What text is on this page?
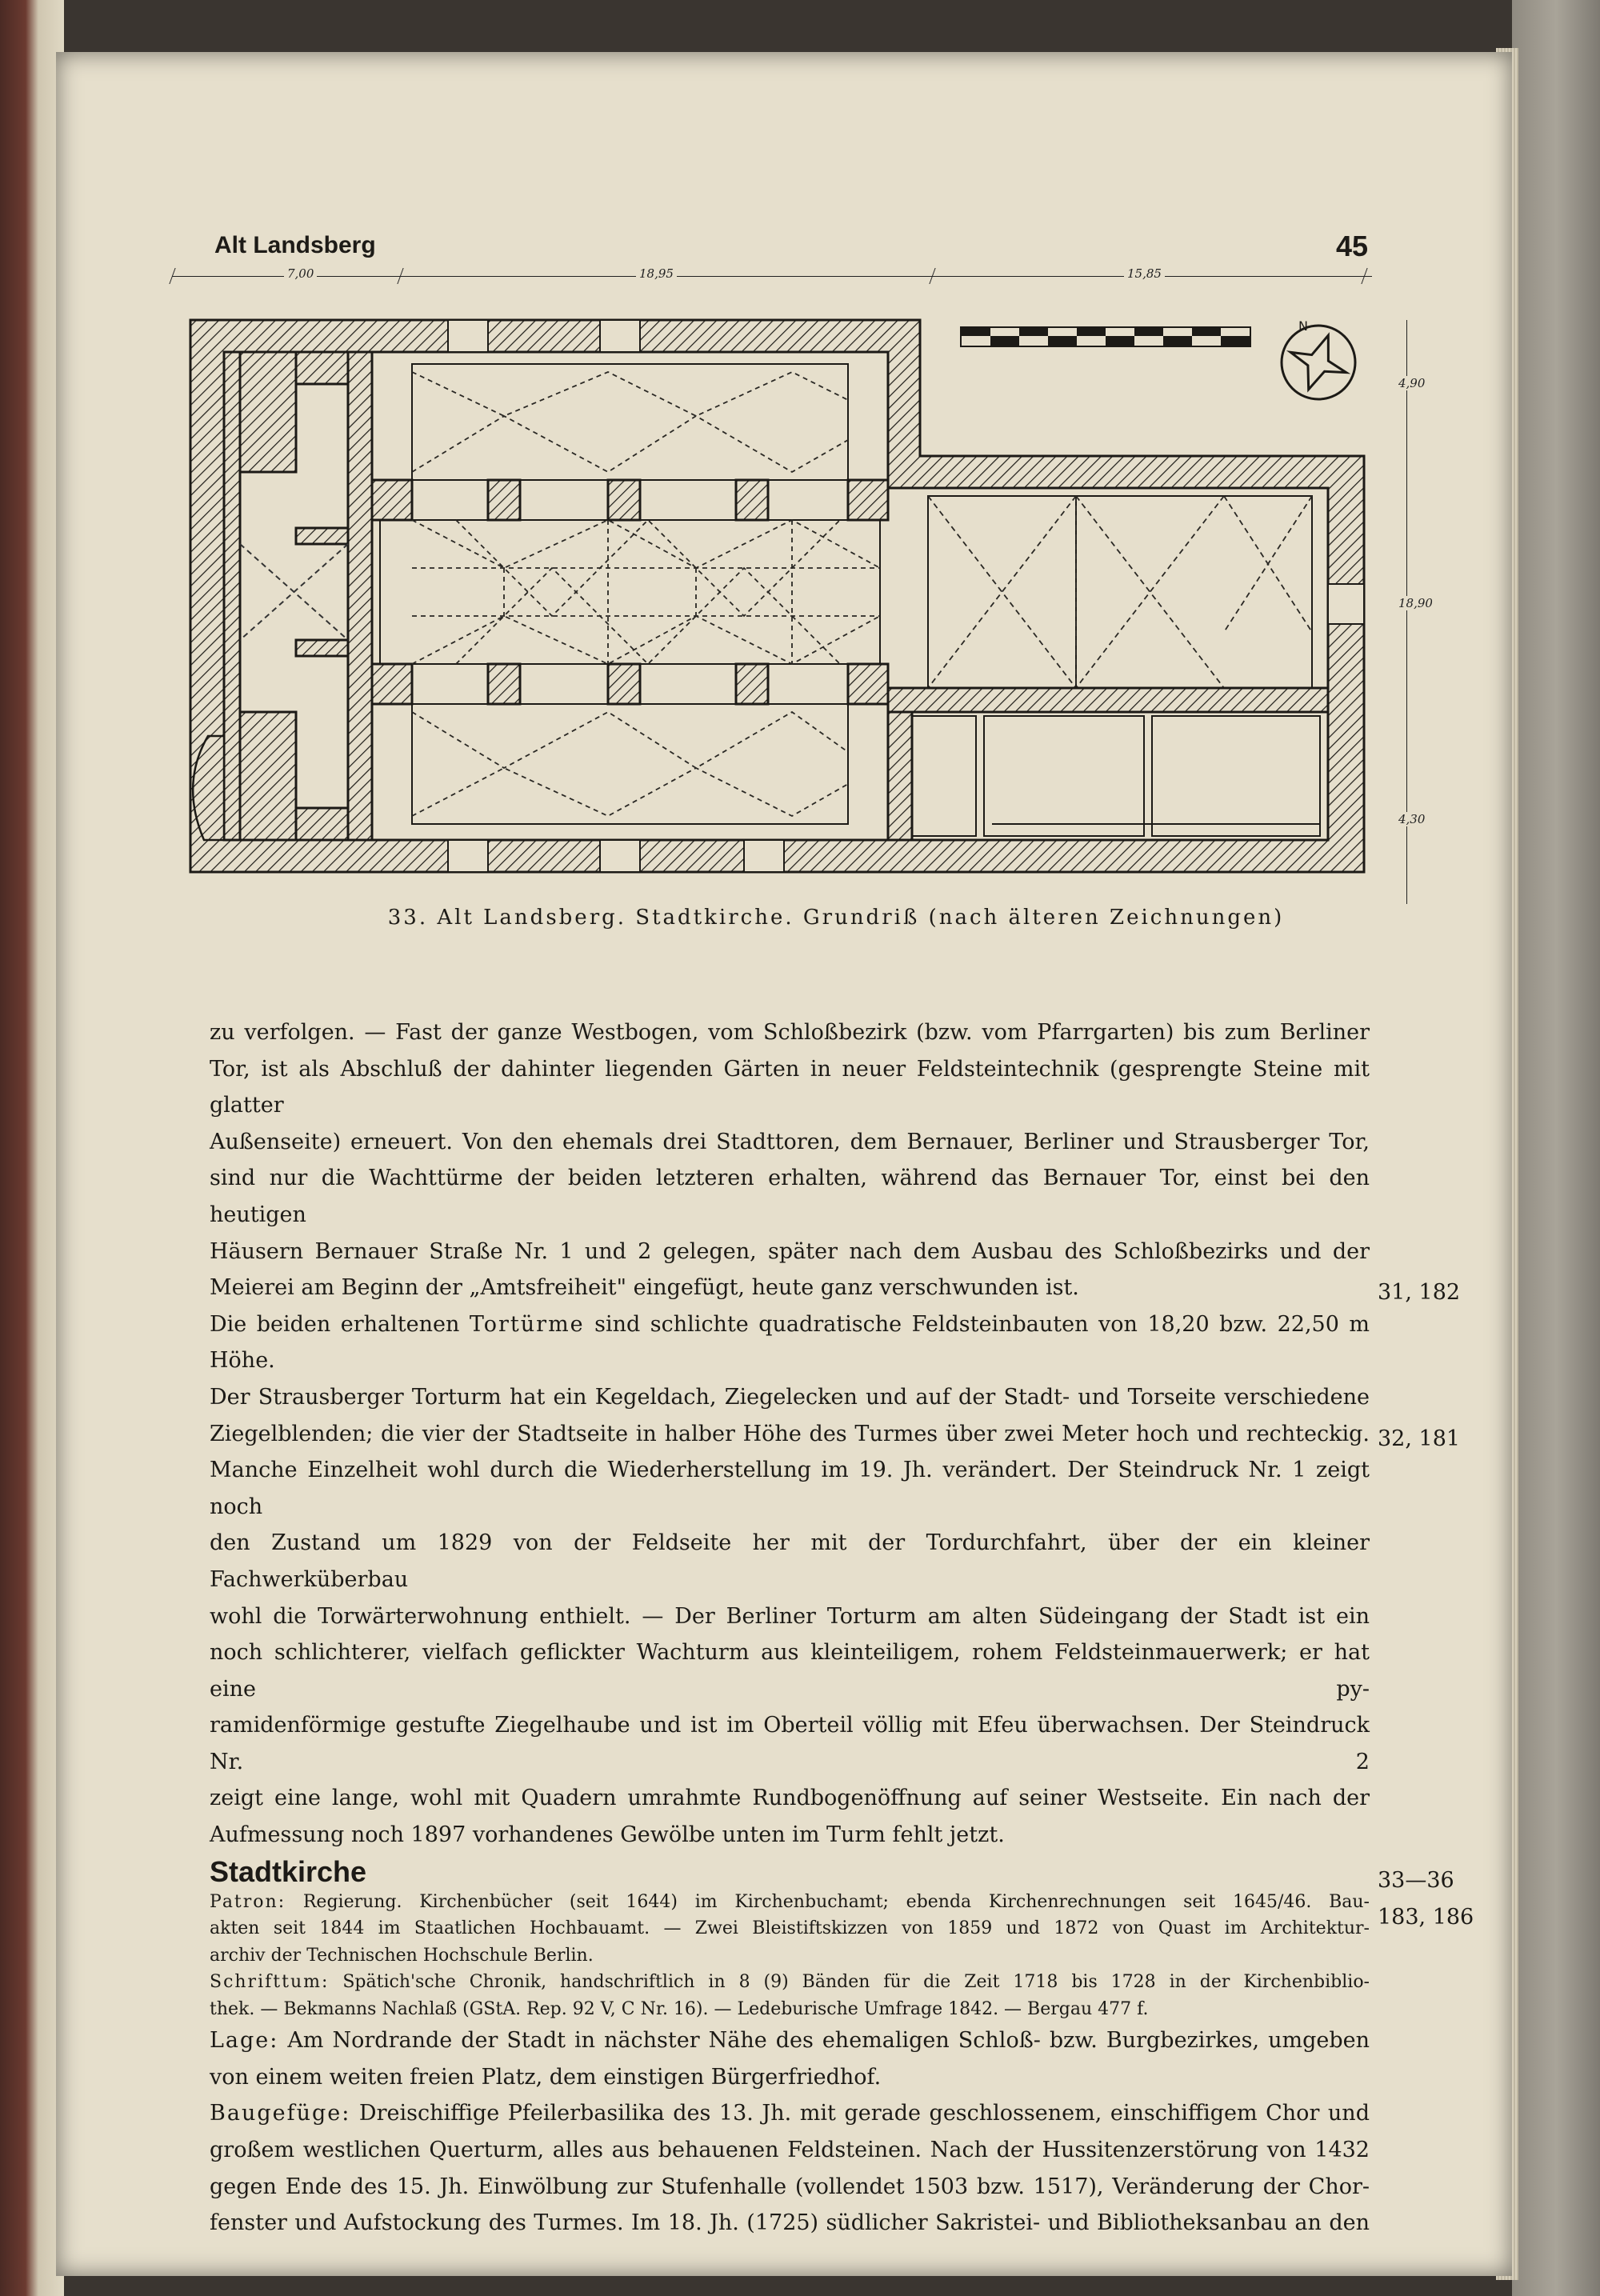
Alt Landsberg	45
7,00	18,95	15,85
4,90
18,90
4,30
N
33. Alt Landsberg. Stadtkirche. Grundriß (nach älteren Zeichnungen)

zu verfolgen. — Fast der ganze Westbogen, vom Schloßbezirk (bzw. vom Pfarrgarten) bis zum Berliner

Tor, ist als Abschluß der dahinter liegenden Gärten in neuer Feldsteintechnik (gesprengte Steine mit glatter

Außenseite) erneuert. Von den ehemals drei Stadttoren, dem Bernauer, Berliner und Strausberger Tor,

sind nur die Wachttürme der beiden letzteren erhalten, während das Bernauer Tor, einst bei den heutigen

Häusern Bernauer Straße Nr. 1 und 2 gelegen, später nach dem Ausbau des Schloßbezirks und der

Meierei am Beginn der „Amtsfreiheit" eingefügt, heute ganz verschwunden ist.

Die beiden erhaltenen Tortürme sind schlichte quadratische Feldsteinbauten von 18,20 bzw. 22,50 m Höhe.

Der Strausberger Torturm hat ein Kegeldach, Ziegelecken und auf der Stadt- und Torseite verschiedene

Ziegelblenden; die vier der Stadtseite in halber Höhe des Turmes über zwei Meter hoch und rechteckig.

Manche Einzelheit wohl durch die Wiederherstellung im 19. Jh. verändert. Der Steindruck Nr. 1 zeigt noch

den Zustand um 1829 von der Feldseite her mit der Tordurchfahrt, über der ein kleiner Fachwerküberbau

wohl die Torwärterwohnung enthielt. — Der Berliner Torturm am alten Südeingang der Stadt ist ein

noch schlichterer, vielfach geflickter Wachturm aus kleinteiligem, rohem Feldsteinmauerwerk; er hat eine py-

ramidenförmige gestufte Ziegelhaube und ist im Oberteil völlig mit Efeu überwachsen. Der Steindruck Nr. 2

zeigt eine lange, wohl mit Quadern umrahmte Rundbogenöffnung auf seiner Westseite. Ein nach der

Aufmessung noch 1897 vorhandenes Gewölbe unten im Turm fehlt jetzt.

Stadtkirche

Patron: Regierung. Kirchenbücher (seit 1644) im Kirchenbuchamt; ebenda Kirchenrechnungen seit 1645/46. Bau-

akten seit 1844 im Staatlichen Hochbauamt. — Zwei Bleistiftskizzen von 1859 und 1872 von Quast im Architektur-

archiv der Technischen Hochschule Berlin.

Schrifttum: Spätich'sche Chronik, handschriftlich in 8 (9) Bänden für die Zeit 1718 bis 1728 in der Kirchenbiblio-

thek. — Bekmanns Nachlaß (GStA. Rep. 92 V, C Nr. 16). — Ledeburische Umfrage 1842. — Bergau 477 f.

Lage: Am Nordrande der Stadt in nächster Nähe des ehemaligen Schloß- bzw. Burgbezirkes, umgeben

von einem weiten freien Platz, dem einstigen Bürgerfriedhof.

Baugefüge: Dreischiffige Pfeilerbasilika des 13. Jh. mit gerade geschlossenem, einschiffigem Chor und

großem westlichen Querturm, alles aus behauenen Feldsteinen. Nach der Hussitenzerstörung von 1432

gegen Ende des 15. Jh. Einwölbung zur Stufenhalle (vollendet 1503 bzw. 1517), Veränderung der Chor-

fenster und Aufstockung des Turmes. Im 18. Jh. (1725) südlicher Sakristei- und Bibliotheksanbau an den

31, 182
32, 181
33—36
183, 186
